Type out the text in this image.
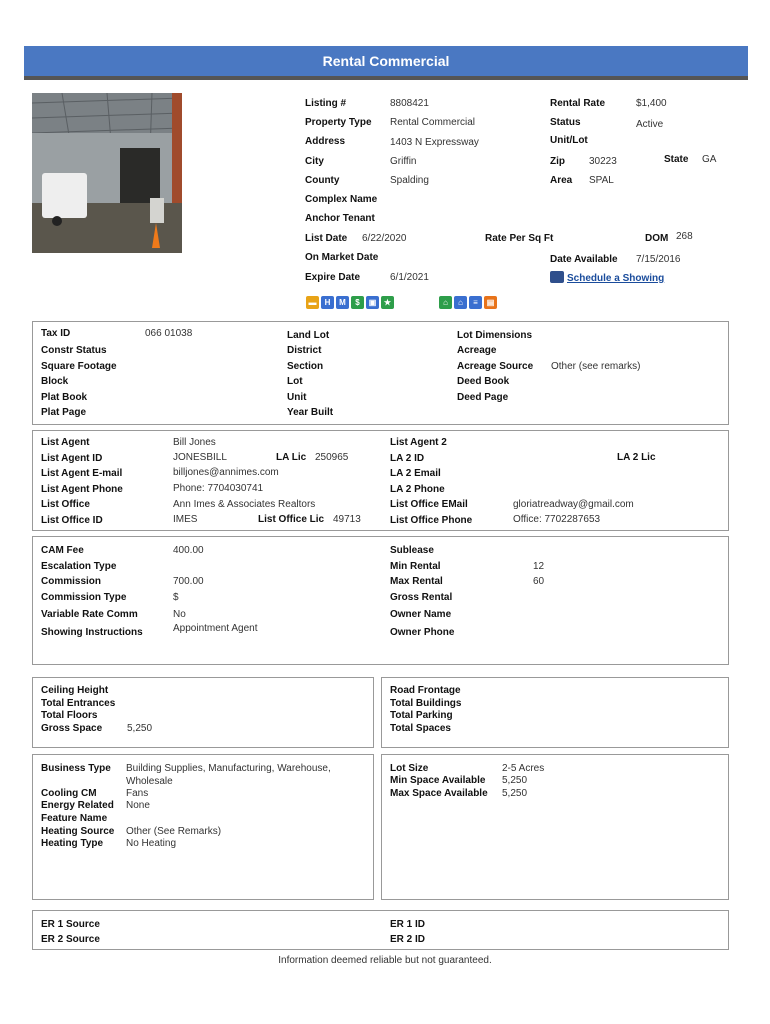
Rental Commercial
Listing #	8808421
Property Type Rental Commercial
Address	1403 N Expressway
City	Griffin
County	Spalding
Complex Name
Anchor Tenant
List Date 6/22/2020
On Market Date
Expire Date	6/1/2021
Rental Rate	$1,400
Status	Active
Unit/Lot
Zip 30223	State GA
Area SPAL
Rate Per Sq Ft	DOM 268
Date Available 7/15/2016
Schedule a Showing
▬	H	M	$	▣ ★	⌂	⌂	≡	▤
Tax ID	066 01038
Constr Status
Square Footage
Block
Plat Book
Plat Page
Land Lot
District
Section
Lot
Unit
Year Built
Lot Dimensions
Acreage
Acreage Source Other (see remarks)
Deed Book
Deed Page
List Agent	Bill Jones
List Agent ID	JONESBILL	LA Lic 250965
List Agent E-mail	billjones@annimes.com
List Agent Phone	Phone: 7704030741
List Office	Ann Imes & Associates Realtors
List Office ID	IMES	List Office Lic 49713
List Agent 2
LA 2 ID	LA 2 Lic
LA 2 Email
LA 2 Phone
List Office EMail	gloriatreadway@gmail.com
List Office Phone	Office: 7702287653
CAM Fee	400.00
Escalation Type
Commission	700.00
Commission Type	$
Variable Rate Comm	No
Showing Instructions	Appointment Agent
Sublease
Min Rental	12
Max Rental	60
Gross Rental
Owner Name
Owner Phone
Ceiling Height
Total Entrances
Total Floors
Gross Space 5,250
Road Frontage
Total Buildings
Total Parking
Total Spaces
Business Type Building Supplies, Manufacturing, Warehouse, Wholesale
Cooling CM	Fans
Energy Related None
Feature Name
Heating Source Other (See Remarks)
Heating Type No Heating
Lot Size	2-5 Acres
Min Space Available 5,250
Max Space Available 5,250
ER 1 Source
ER 2 Source
ER 1 ID
ER 2 ID
Information deemed reliable but not guaranteed.
